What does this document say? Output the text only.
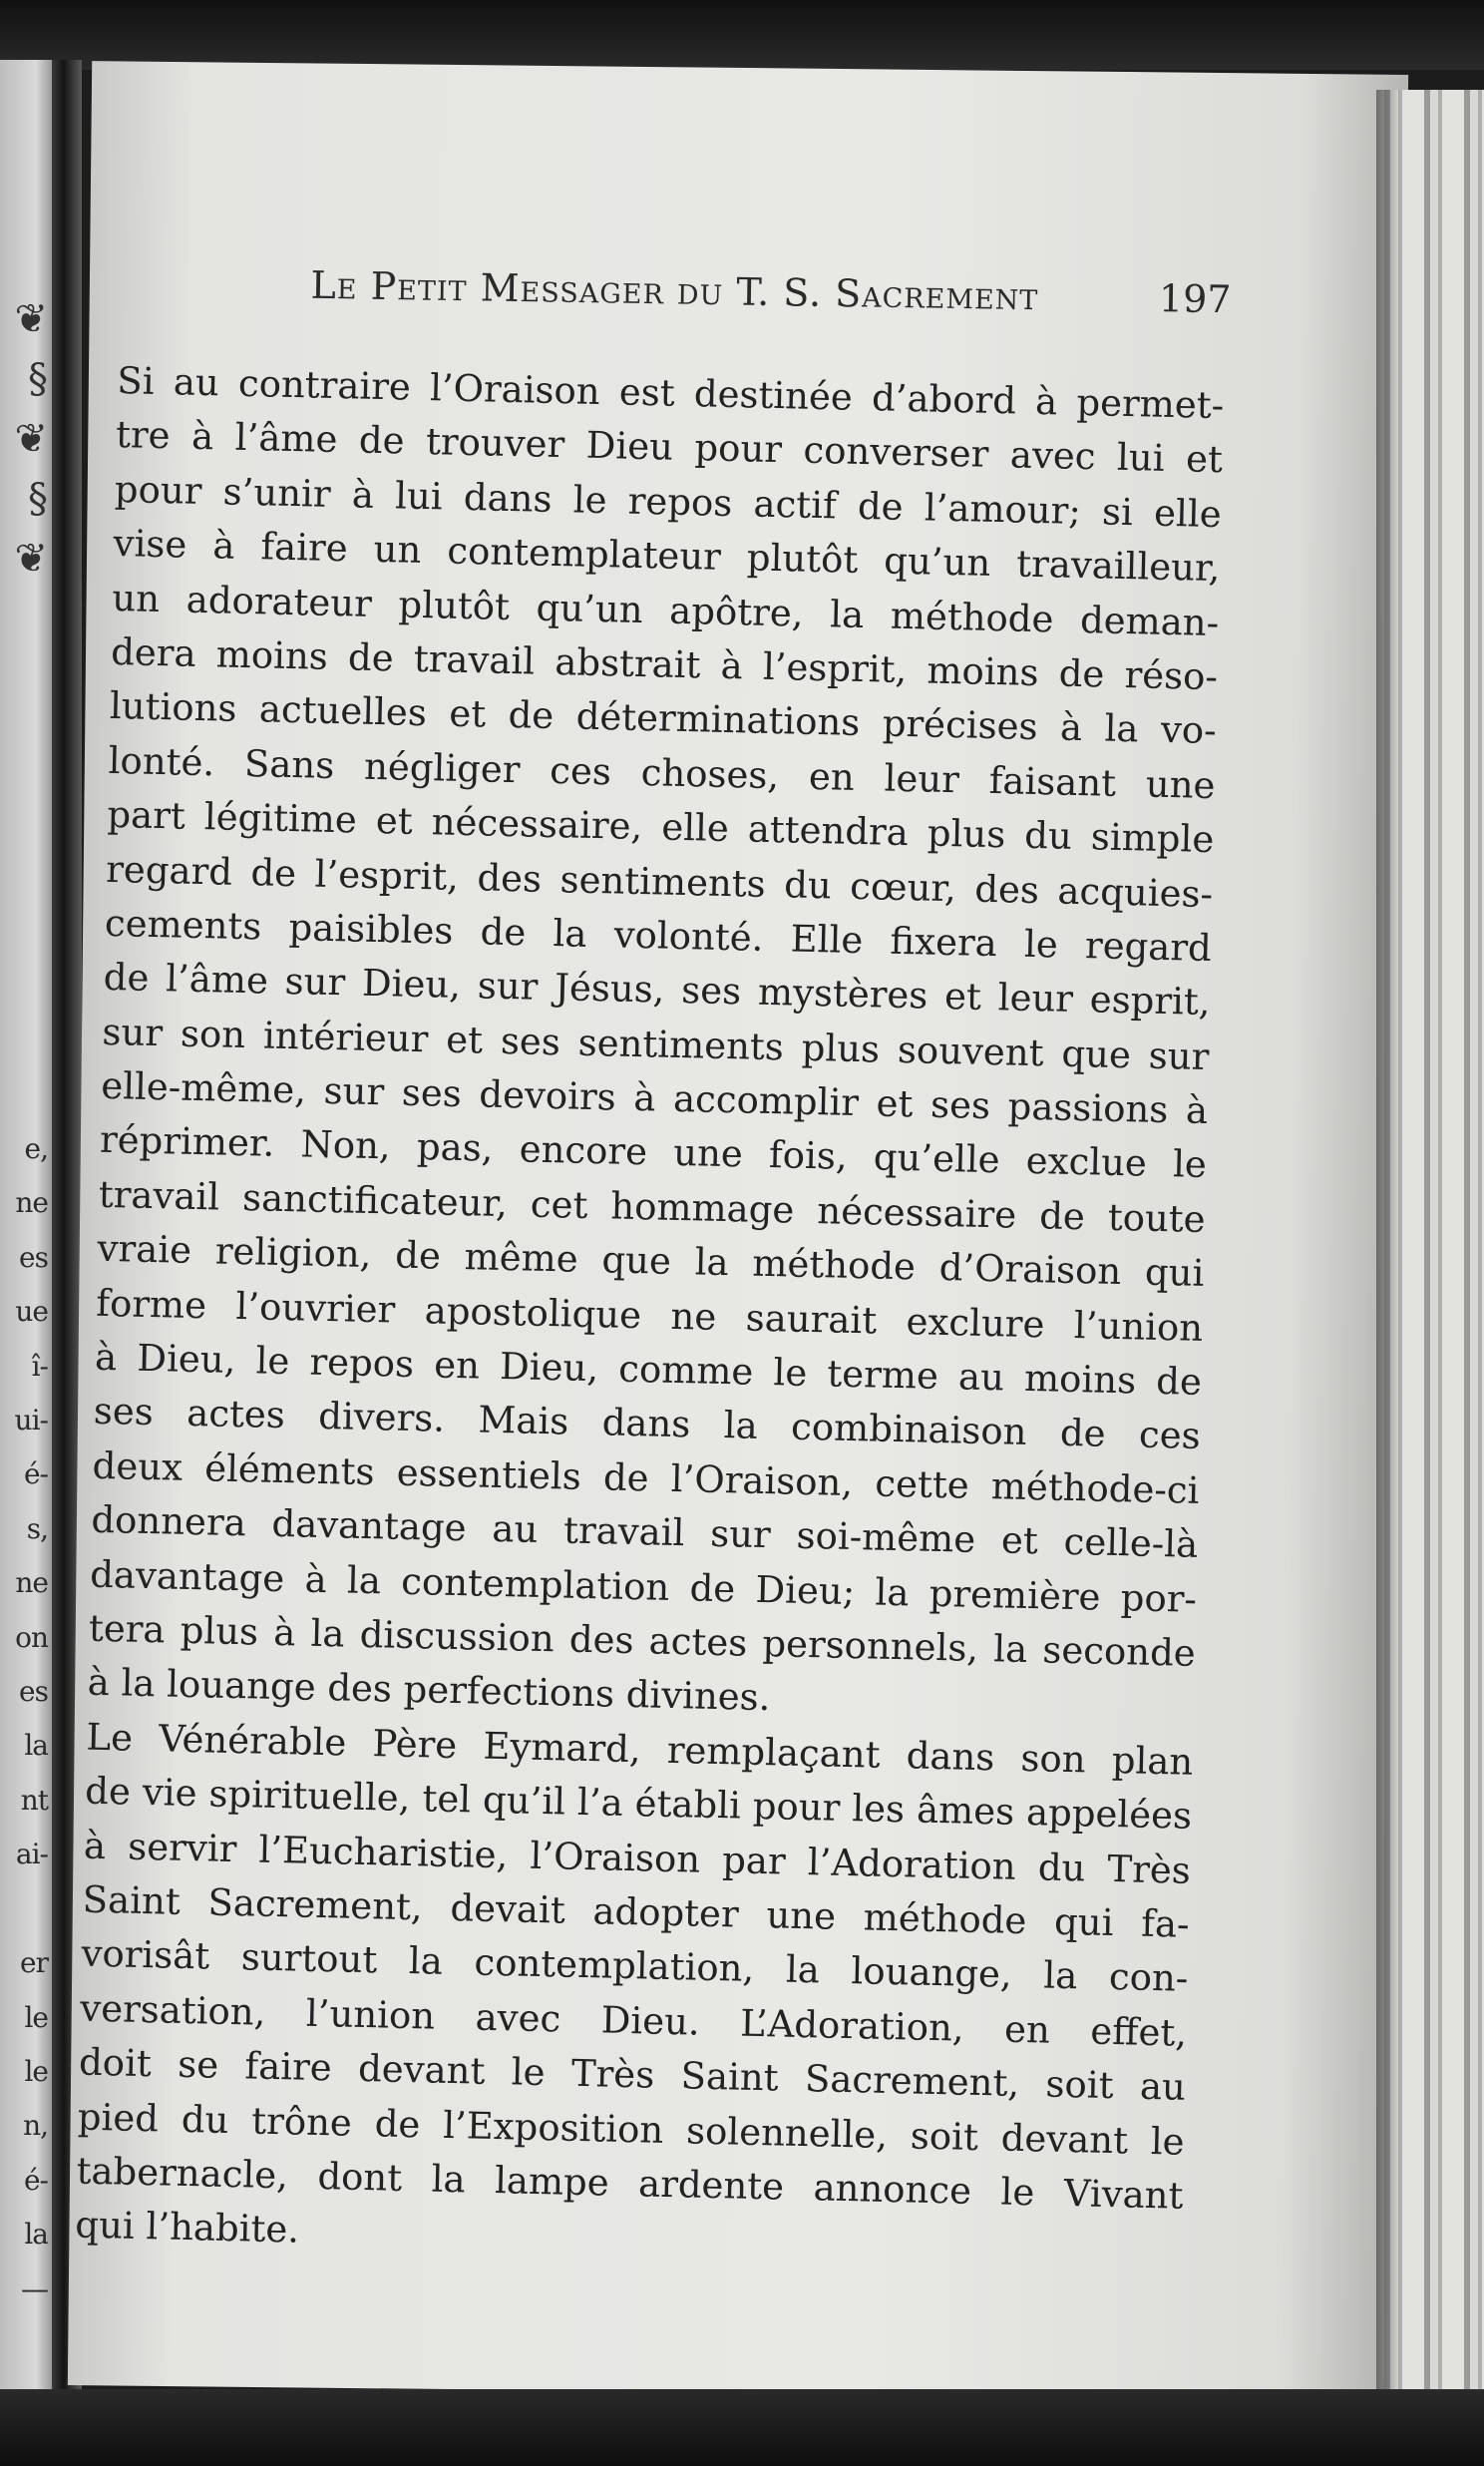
❦
§
❦
§
❦
e,
ne
es
ue
î-
ui-
é-
s,
ne
on
es
la
nt
ai-

er
le
le
n,
é-
la
—
Le Petit Messager du T. S. Sacrement	197
Si au contraire l’Oraison est destinée d’abord à permet-
tre à l’âme de trouver Dieu pour converser avec lui et
pour s’unir à lui dans le repos actif de l’amour; si elle
vise à faire un contemplateur plutôt qu’un travailleur,
un adorateur plutôt qu’un apôtre, la méthode deman-
dera moins de travail abstrait à l’esprit, moins de réso-
lutions actuelles et de déterminations précises à la vo-
lonté. Sans négliger ces choses, en leur faisant une
part légitime et nécessaire, elle attendra plus du simple
regard de l’esprit, des sentiments du cœur, des acquies-
cements paisibles de la volonté. Elle fixera le regard
de l’âme sur Dieu, sur Jésus, ses mystères et leur esprit,
sur son intérieur et ses sentiments plus souvent que sur
elle-même, sur ses devoirs à accomplir et ses passions à
réprimer. Non, pas, encore une fois, qu’elle exclue le
travail sanctificateur, cet hommage nécessaire de toute
vraie religion, de même que la méthode d’Oraison qui
forme l’ouvrier apostolique ne saurait exclure l’union
à Dieu, le repos en Dieu, comme le terme au moins de
ses actes divers. Mais dans la combinaison de ces
deux éléments essentiels de l’Oraison, cette méthode-ci
donnera davantage au travail sur soi-même et celle-là
davantage à la contemplation de Dieu; la première por-
tera plus à la discussion des actes personnels, la seconde
à la louange des perfections divines.
Le Vénérable Père Eymard, remplaçant dans son plan
de vie spirituelle, tel qu’il l’a établi pour les âmes appelées
à servir l’Eucharistie, l’Oraison par l’Adoration du Très
Saint Sacrement, devait adopter une méthode qui fa-
vorisât surtout la contemplation, la louange, la con-
versation, l’union avec Dieu. L’Adoration, en effet,
doit se faire devant le Très Saint Sacrement, soit au
pied du trône de l’Exposition solennelle, soit devant le
tabernacle, dont la lampe ardente annonce le Vivant
qui l’habite.
